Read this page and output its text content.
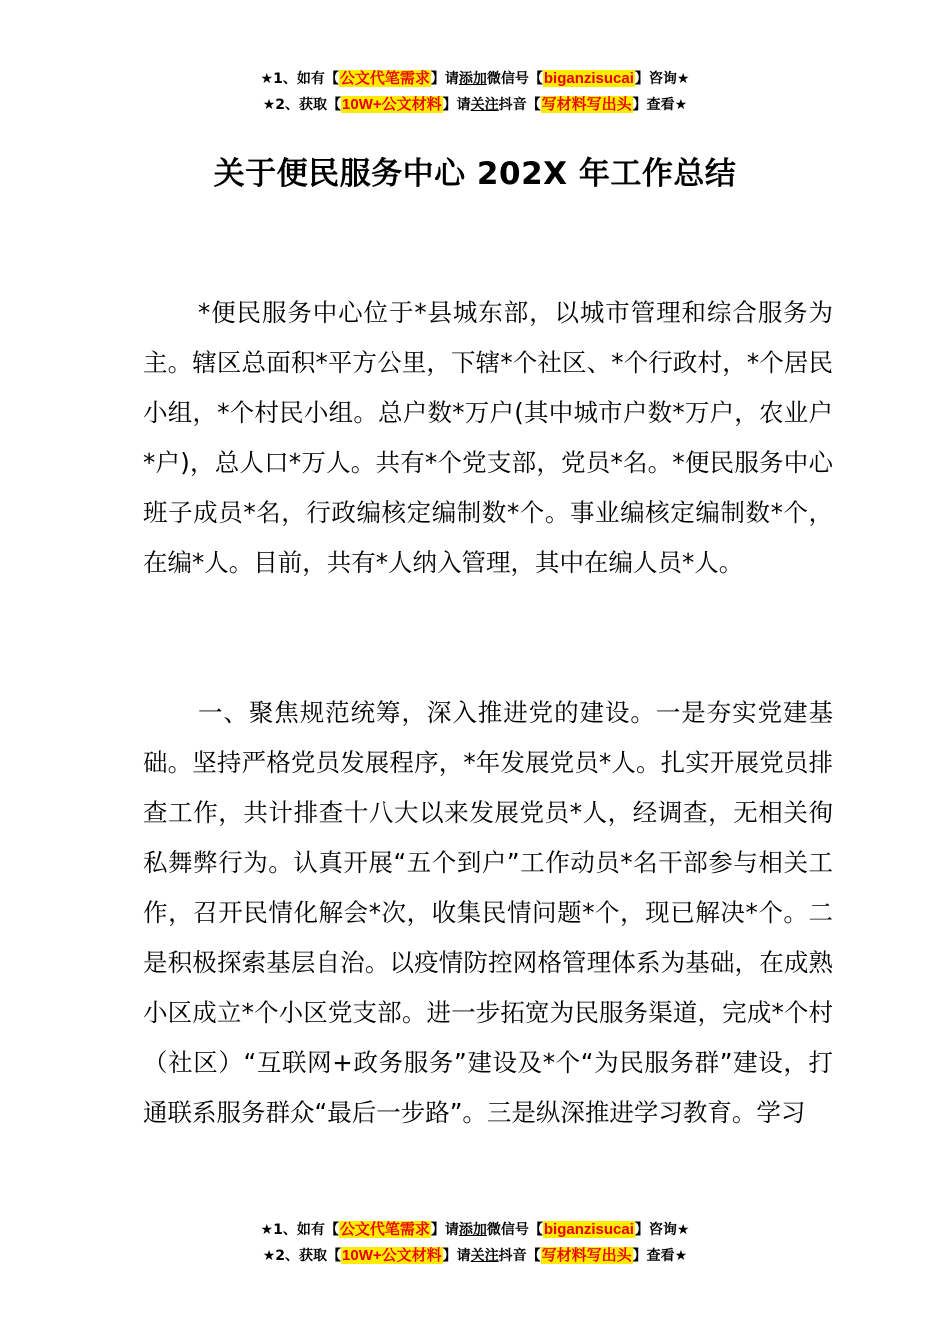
★1、如有【公文代笔需求】请添加微信号【biganzisucai】咨询★
★2、获取【10W+公文材料】请关注抖音【写材料写出头】查看★
关于便民服务中心 202X 年工作总结

*便民服务中心位于*县城东部，以城市管理和综合服务为主。辖区总面积*平方公里，下辖*个社区、*个行政村，*个居民小组，*个村民小组。总户数*万户(其中城市户数*万户，农业户*户)，总人口*万人。共有*个党支部，党员*名。*便民服务中心班子成员*名，行政编核定编制数*个。事业编核定编制数*个，在编*人。目前，共有*人纳入管理，其中在编人员*人。

一、聚焦规范统筹，深入推进党的建设。一是夯实党建基础。坚持严格党员发展程序，*年发展党员*人。扎实开展党员排查工作，共计排查十八大以来发展党员*人，经调查，无相关徇私舞弊行为。认真开展“五个到户”工作动员*名干部参与相关工作，召开民情化解会*次，收集民情问题*个，现已解决*个。二是积极探索基层自治。以疫情防控网格管理体系为基础，在成熟小区成立*个小区党支部。进一步拓宽为民服务渠道，完成*个村（社区）“互联网+政务服务”建设及*个“为民服务群”建设，打通联系服务群众“最后一步路”。三是纵深推进学习教育。学习

★1、如有【公文代笔需求】请添加微信号【biganzisucai】咨询★
★2、获取【10W+公文材料】请关注抖音【写材料写出头】查看★
